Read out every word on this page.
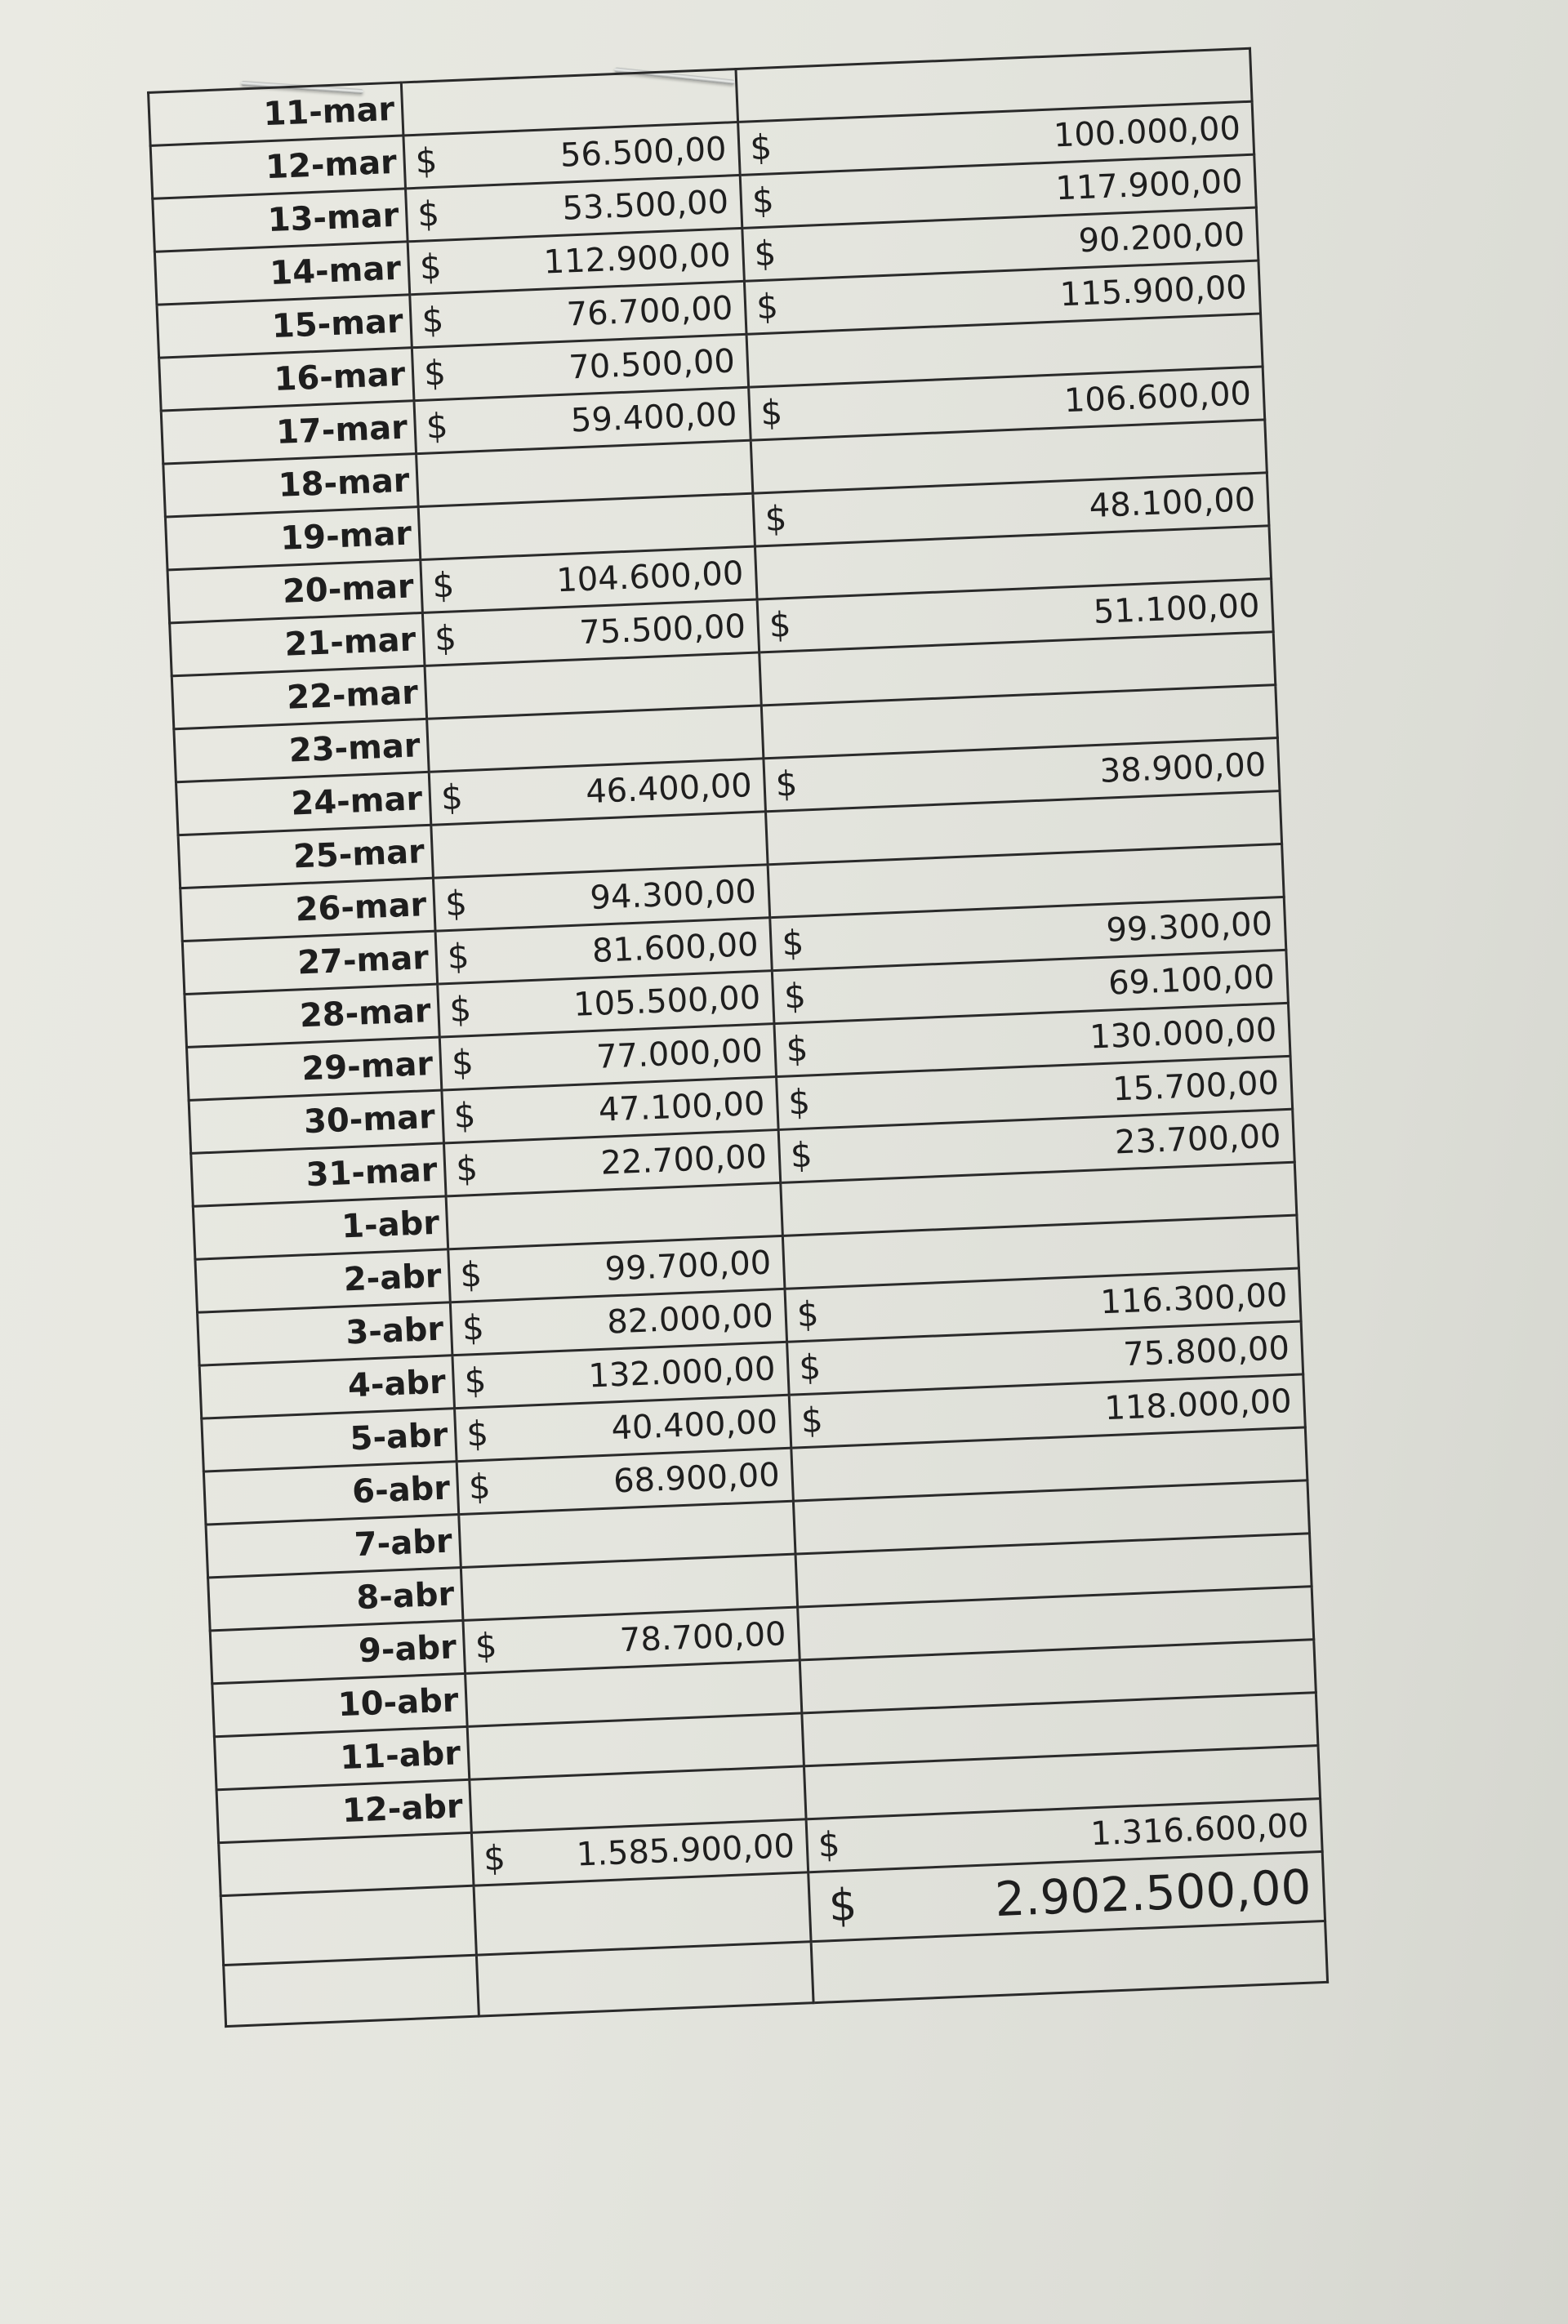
11-mar		
12-mar	$ 56.500,00	$ 100.000,00

13-mar	$ 53.500,00	$ 117.900,00

14-mar	$ 112.900,00	$ 90.200,00

15-mar	$ 76.700,00	$ 115.900,00

16-mar	$ 70.500,00	

17-mar	$ 59.400,00	$ 106.600,00

18-mar		
19-mar		$ 48.100,00

20-mar	$ 104.600,00	

21-mar	$ 75.500,00	$ 51.100,00

22-mar		
23-mar		
24-mar	$ 46.400,00	$ 38.900,00

25-mar		
26-mar	$ 94.300,00	

27-mar	$ 81.600,00	$ 99.300,00

28-mar	$ 105.500,00	$ 69.100,00

29-mar	$ 77.000,00	$ 130.000,00

30-mar	$ 47.100,00	$ 15.700,00

31-mar	$ 22.700,00	$ 23.700,00

1-abr		
2-abr	$ 99.700,00	

3-abr	$ 82.000,00	$ 116.300,00

4-abr	$ 132.000,00	$ 75.800,00

5-abr	$ 40.400,00	$ 118.000,00

6-abr	$ 68.900,00	

7-abr		
8-abr		
9-abr	$ 78.700,00	

10-abr		
11-abr		
12-abr		

	$ 1.585.900,00	$ 1.316.600,00

		$ 2.902.500,00
